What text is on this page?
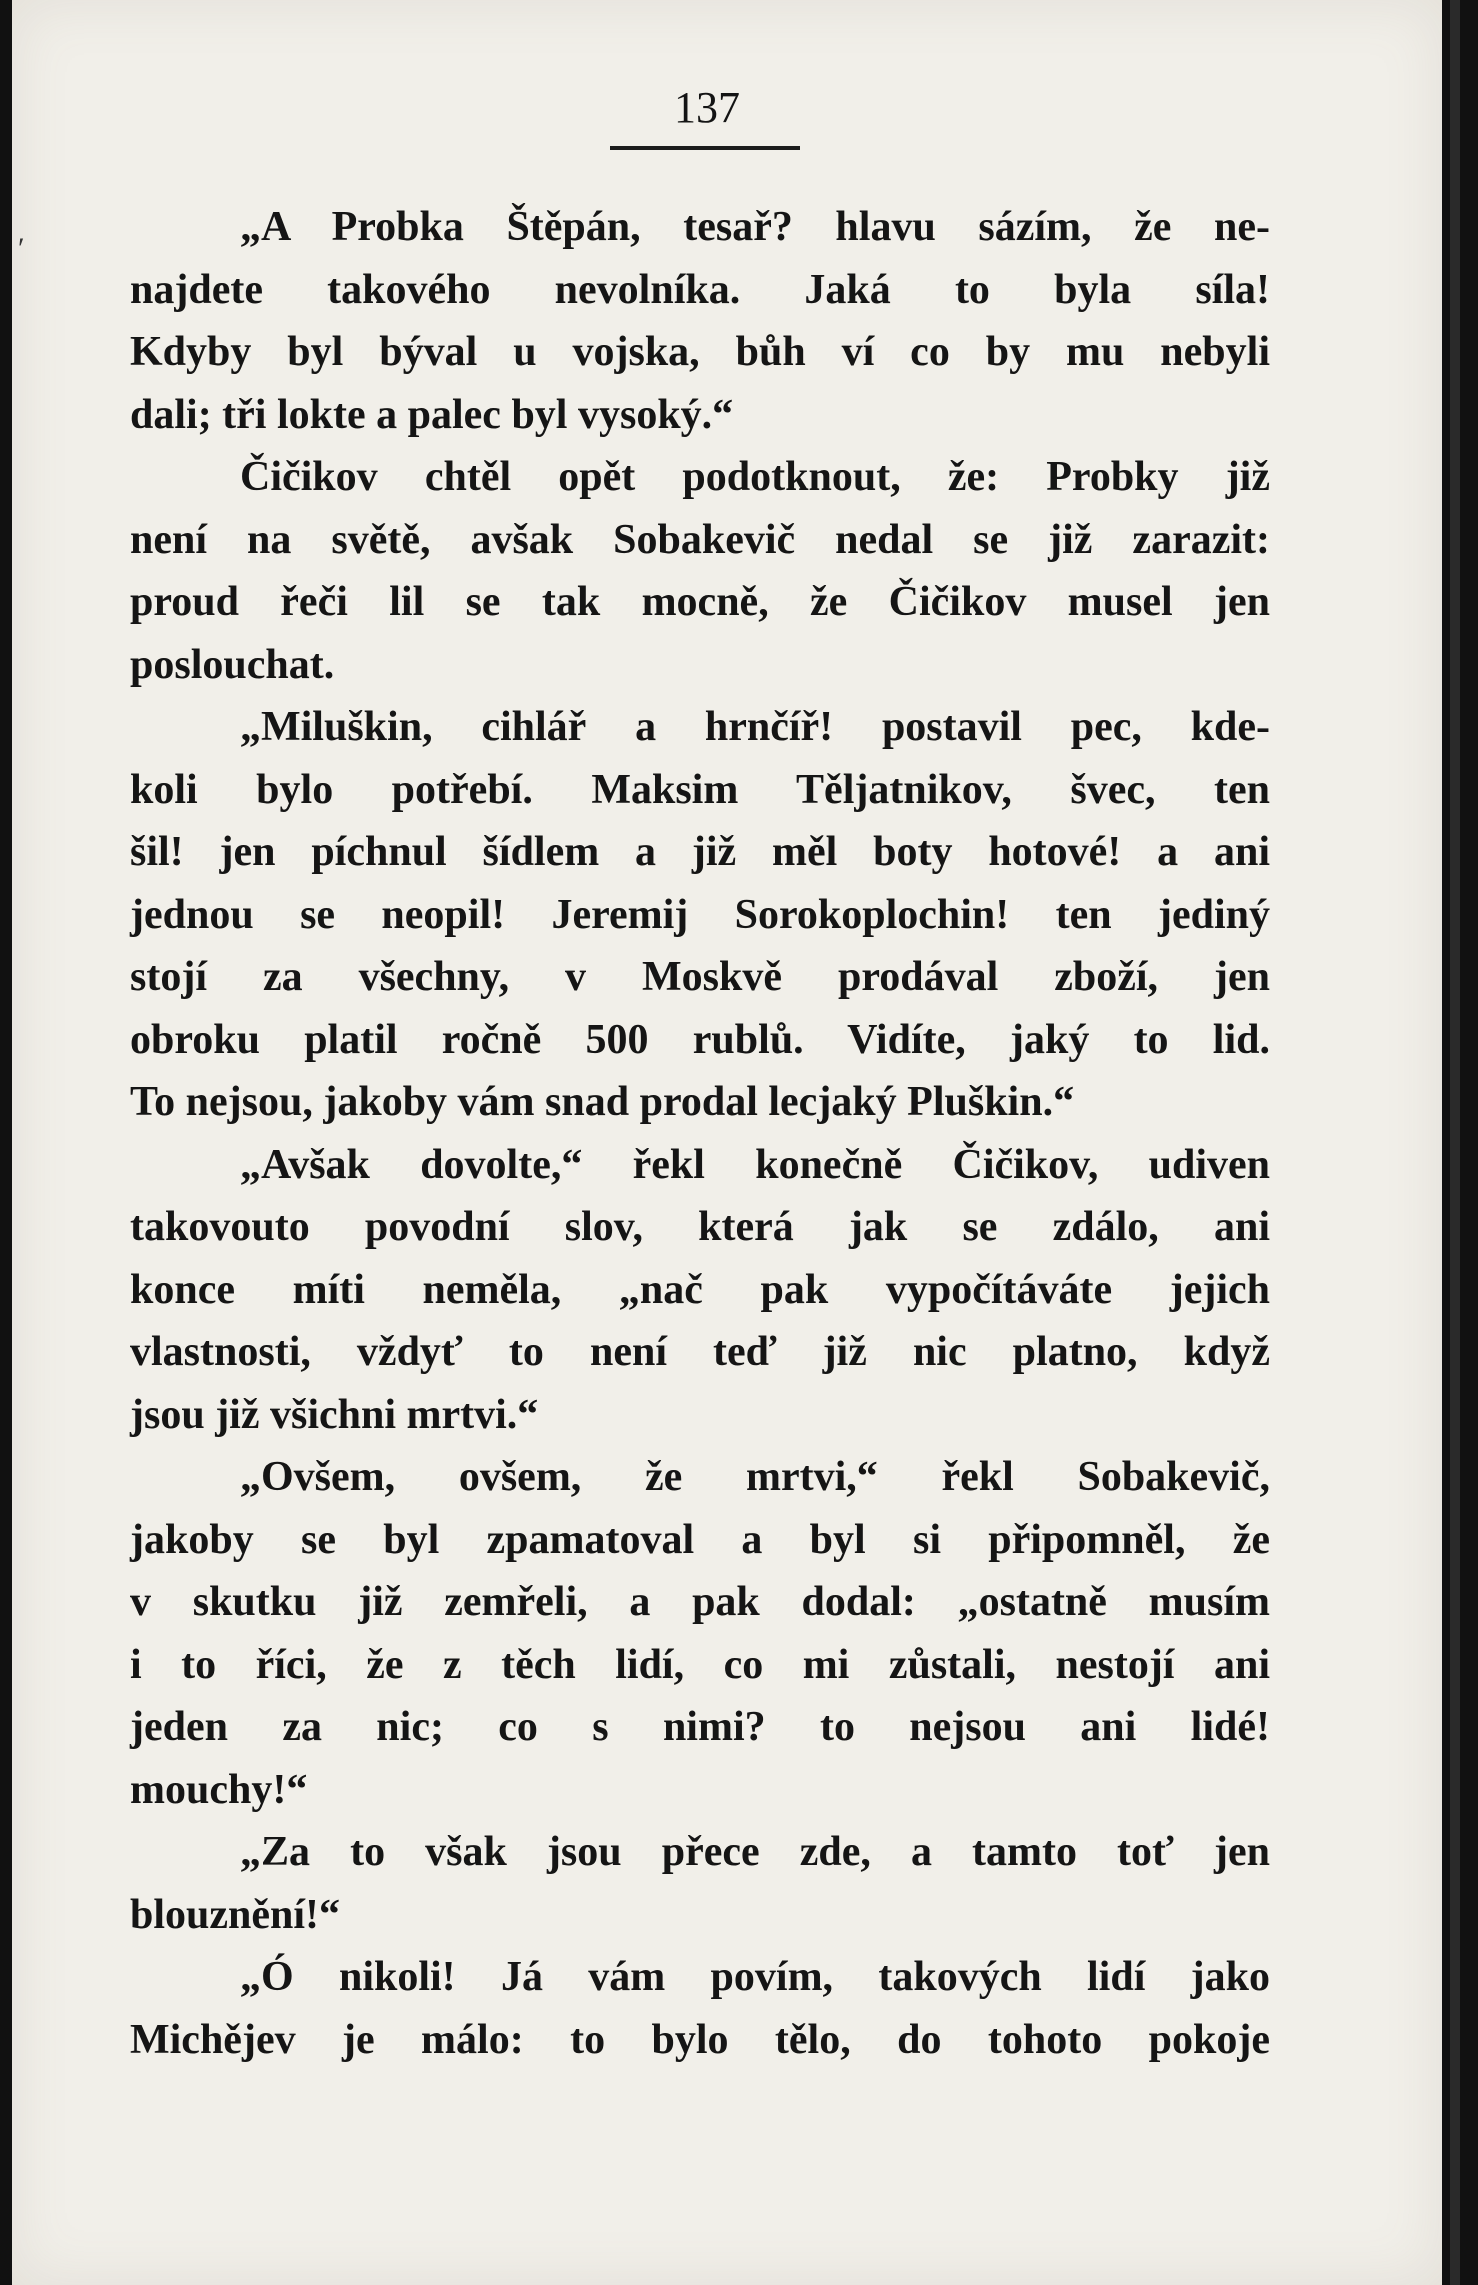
137
„A Probka Štěpán, tesař? hlavu sázím, že ne-
najdete takového nevolníka. Jaká to byla síla!
Kdyby byl býval u vojska, bůh ví co by mu nebyli
dali; tři lokte a palec byl vysoký.“
Čičikov chtěl opět podotknout, že: Probky již
není na světě, avšak Sobakevič nedal se již zarazit:
proud řeči lil se tak mocně, že Čičikov musel jen
poslouchat.
„Miluškin, cihlář a hrnčíř! postavil pec, kde-
koli bylo potřebí. Maksim Těljatnikov, švec, ten
šil! jen píchnul šídlem a již měl boty hotové! a ani
jednou se neopil! Jeremij Sorokoplochin! ten jediný
stojí za všechny, v Moskvě prodával zboží, jen
obroku platil ročně 500 rublů. Vidíte, jaký to lid.
To nejsou, jakoby vám snad prodal lecjaký Pluškin.“
„Avšak dovolte,“ řekl konečně Čičikov, udiven
takovouto povodní slov, která jak se zdálo, ani
konce míti neměla, „nač pak vypočítáváte jejich
vlastnosti, vždyť to není teď již nic platno, když
jsou již všichni mrtvi.“
„Ovšem, ovšem, že mrtvi,“ řekl Sobakevič,
jakoby se byl zpamatoval a byl si připomněl, že
v skutku již zemřeli, a pak dodal: „ostatně musím
i to říci, že z těch lidí, co mi zůstali, nestojí ani
jeden za nic; co s nimi? to nejsou ani lidé!
mouchy!“
„Za to však jsou přece zde, a tamto toť jen
blouznění!“
„Ó nikoli! Já vám povím, takových lidí jako
Michějev je málo: to bylo tělo, do tohoto pokoje
′
